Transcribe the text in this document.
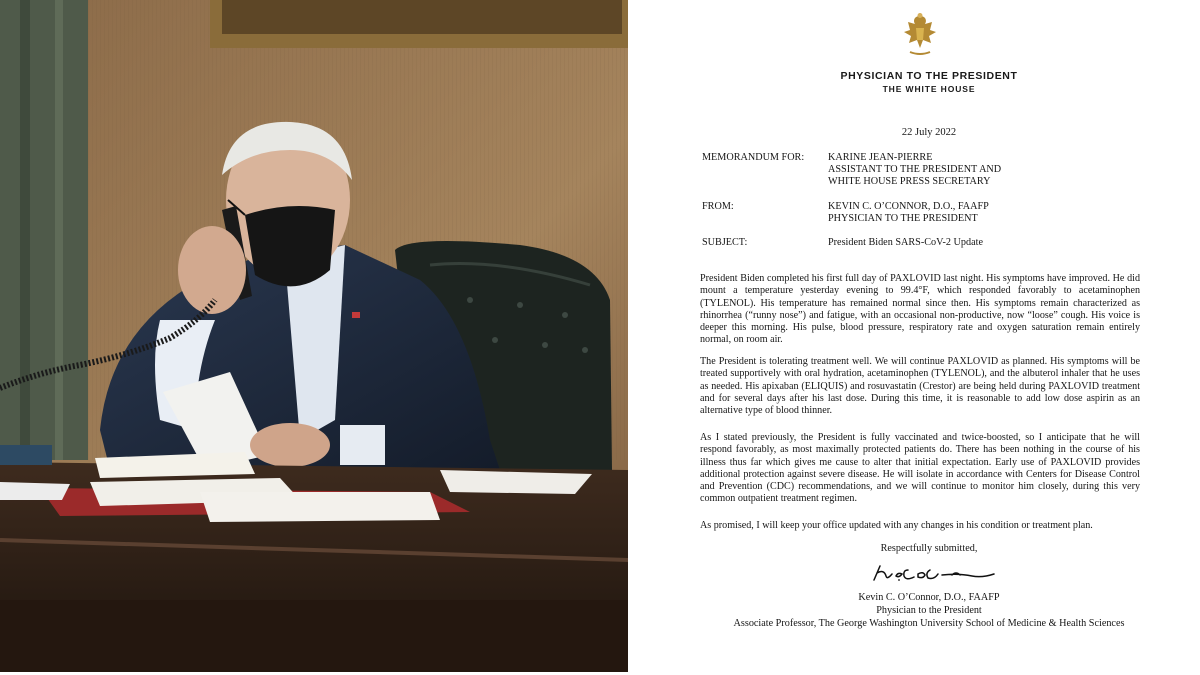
PHYSICIAN TO THE PRESIDENT
THE WHITE HOUSE
22 July 2022
MEMORANDUM FOR: KARINE JEAN-PIERRE
ASSISTANT TO THE PRESIDENT AND
WHITE HOUSE PRESS SECRETARY
FROM:	KEVIN C. O’CONNOR, D.O., FAAFP
PHYSICIAN TO THE PRESIDENT
SUBJECT:	President Biden SARS-CoV-2 Update
President Biden completed his first full day of PAXLOVID last night. His symptoms have improved. He did mount a temperature yesterday evening to 99.4°F, which responded favorably to acetaminophen (TYLENOL). His temperature has remained normal since then. His symptoms remain characterized as rhinorrhea (“runny nose”) and fatigue, with an occasional non-productive, now “loose” cough. His voice is deeper this morning. His pulse, blood pressure, respiratory rate and oxygen saturation remain entirely normal, on room air.
The President is tolerating treatment well. We will continue PAXLOVID as planned. His symptoms will be treated supportively with oral hydration, acetaminophen (TYLENOL), and the albuterol inhaler that he uses as needed. His apixaban (ELIQUIS) and rosuvastatin (Crestor) are being held during PAXLOVID treatment and for several days after his last dose. During this time, it is reasonable to add low dose aspirin as an alternative type of blood thinner.
As I stated previously, the President is fully vaccinated and twice-boosted, so I anticipate that he will respond favorably, as most maximally protected patients do. There has been nothing in the course of his illness thus far which gives me cause to alter that initial expectation. Early use of PAXLOVID provides additional protection against severe disease. He will isolate in accordance with Centers for Disease Control and Prevention (CDC) recommendations, and we will continue to monitor him closely, during this very common outpatient treatment regimen.
As promised, I will keep your office updated with any changes in his condition or treatment plan.
Respectfully submitted,
Kevin C. O’Connor, D.O., FAAFP
Physician to the President
Associate Professor, The George Washington University School of Medicine & Health Sciences
